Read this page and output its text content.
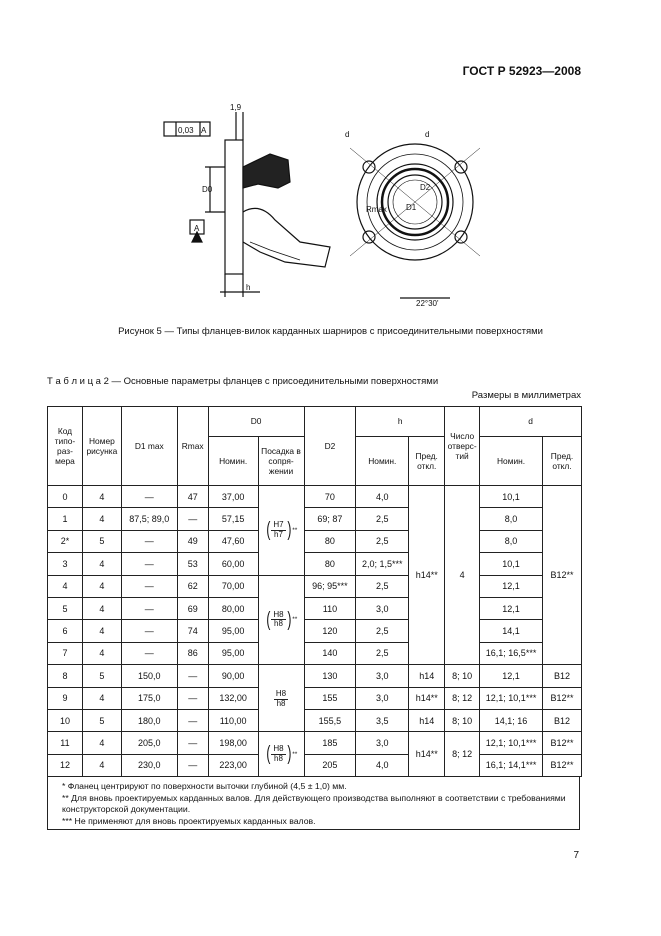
ГОСТ Р 52923—2008
0,03 A
A
D0
h
1,9
d	d
D2
D1
Rmax
22°30'
Рисунок 5 — Типы фланцев-вилок карданных шарниров с присоединительными поверхностями
Т а б л и ц а 2 — Основные параметры фланцев с присоединительными поверхностями
Размеры в миллиметрах
Код типо-раз-мера	Номер рисунка	D1 max	Rmax	D0		D2	h		Число отверс-тий	d	
				Номин.	Посадка в сопря-жении		Номин.	Пред. откл.		Номин.	Пред. откл.
0	4	—	47	37,00	( $\frac{H7}{h7}$ ) **	70	4,0	h14**	4	10,1	B12**
1	4	87,5; 89,0	—	57,15		69; 87	2,5			8,0	
2*	5	—	49	47,60		80	2,5			8,0	
3	4	—	53	60,00		80	2,0; 1,5***			10,1	
4	4	—	62	70,00	( $\frac{H8}{h8}$ ) **	96; 95***	2,5			12,1	
5	4	—	69	80,00		110	3,0			12,1	
6	4	—	74	95,00		120	2,5			14,1	
7	4	—	86	95,00		140	2,5			16,1; 16,5***	
8	5	150,0	—	90,00	$\frac{H8}{h8}$	130	3,0	h14	8; 10	12,1	B12
9	4	175,0	—	132,00		155	3,0	h14**	8; 12	12,1; 10,1***	B12**
10	5	180,0	—	110,00		155,5	3,5	h14	8; 10	14,1; 16	B12
11	4	205,0	—	198,00	( $\frac{H8}{h8}$ ) **	185	3,0	h14**	8; 12	12,1; 10,1***	B12**
12	4	230,0	—	223,00		205	4,0			16,1; 14,1***	B12**
* Фланец центрируют по поверхности выточки глубиной (4,5 ± 1,0) мм.
** Для вновь проектируемых карданных валов. Для действующего производства выполняют в соответствии с требованиями конструкторской документации.
*** Не применяют для вновь проектируемых карданных валов.
7
